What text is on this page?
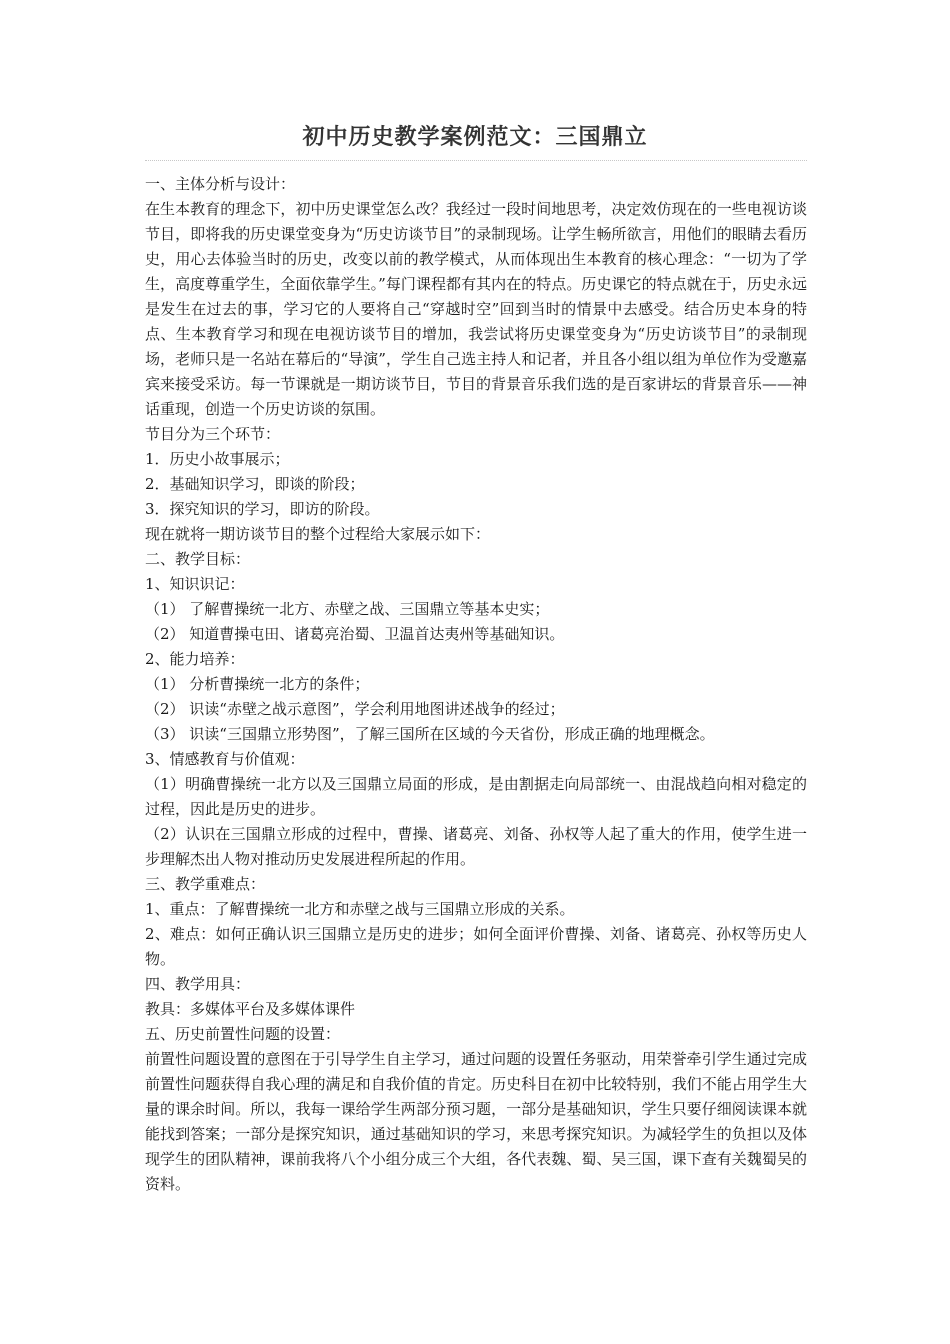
初中历史教学案例范文：三国鼎立

一、主体分析与设计：

在生本教育的理念下，初中历史课堂怎么改？我经过一段时间地思考，决定效仿现在的一些电视访谈节目，即将我的历史课堂变身为“历史访谈节目”的录制现场。让学生畅所欲言，用他们的眼睛去看历史，用心去体验当时的历史，改变以前的教学模式，从而体现出生本教育的核心理念：“一切为了学生，高度尊重学生，全面依靠学生。”每门课程都有其内在的特点。历史课它的特点就在于，历史永远是发生在过去的事，学习它的人要将自己“穿越时空”回到当时的情景中去感受。结合历史本身的特点、生本教育学习和现在电视访谈节目的增加，我尝试将历史课堂变身为“历史访谈节目”的录制现场，老师只是一名站在幕后的“导演”，学生自己选主持人和记者，并且各小组以组为单位作为受邀嘉宾来接受采访。每一节课就是一期访谈节目，节目的背景音乐我们选的是百家讲坛的背景音乐——神话重现，创造一个历史访谈的氛围。

节目分为三个环节：

1．历史小故事展示；

2．基础知识学习，即谈的阶段；

3．探究知识的学习，即访的阶段。

现在就将一期访谈节目的整个过程给大家展示如下：

二、教学目标：

1、知识识记：

（1） 了解曹操统一北方、赤壁之战、三国鼎立等基本史实；

（2） 知道曹操屯田、诸葛亮治蜀、卫温首达夷州等基础知识。

2、能力培养：

（1） 分析曹操统一北方的条件；

（2） 识读“赤壁之战示意图”，学会利用地图讲述战争的经过；

（3） 识读“三国鼎立形势图”，了解三国所在区域的今天省份，形成正确的地理概念。

3、情感教育与价值观：

（1）明确曹操统一北方以及三国鼎立局面的形成，是由割据走向局部统一、由混战趋向相对稳定的过程，因此是历史的进步。

（2）认识在三国鼎立形成的过程中，曹操、诸葛亮、刘备、孙权等人起了重大的作用，使学生进一步理解杰出人物对推动历史发展进程所起的作用。

三、教学重难点：

1、重点：了解曹操统一北方和赤壁之战与三国鼎立形成的关系。

2、难点：如何正确认识三国鼎立是历史的进步；如何全面评价曹操、刘备、诸葛亮、孙权等历史人物。

四、教学用具：

教具：多媒体平台及多媒体课件

五、历史前置性问题的设置：

前置性问题设置的意图在于引导学生自主学习，通过问题的设置任务驱动，用荣誉牵引学生通过完成前置性问题获得自我心理的满足和自我价值的肯定。历史科目在初中比较特别，我们不能占用学生大量的课余时间。所以，我每一课给学生两部分预习题，一部分是基础知识，学生只要仔细阅读课本就能找到答案；一部分是探究知识，通过基础知识的学习，来思考探究知识。为减轻学生的负担以及体现学生的团队精神，课前我将八个小组分成三个大组，各代表魏、蜀、吴三国，课下查有关魏蜀吴的资料。
